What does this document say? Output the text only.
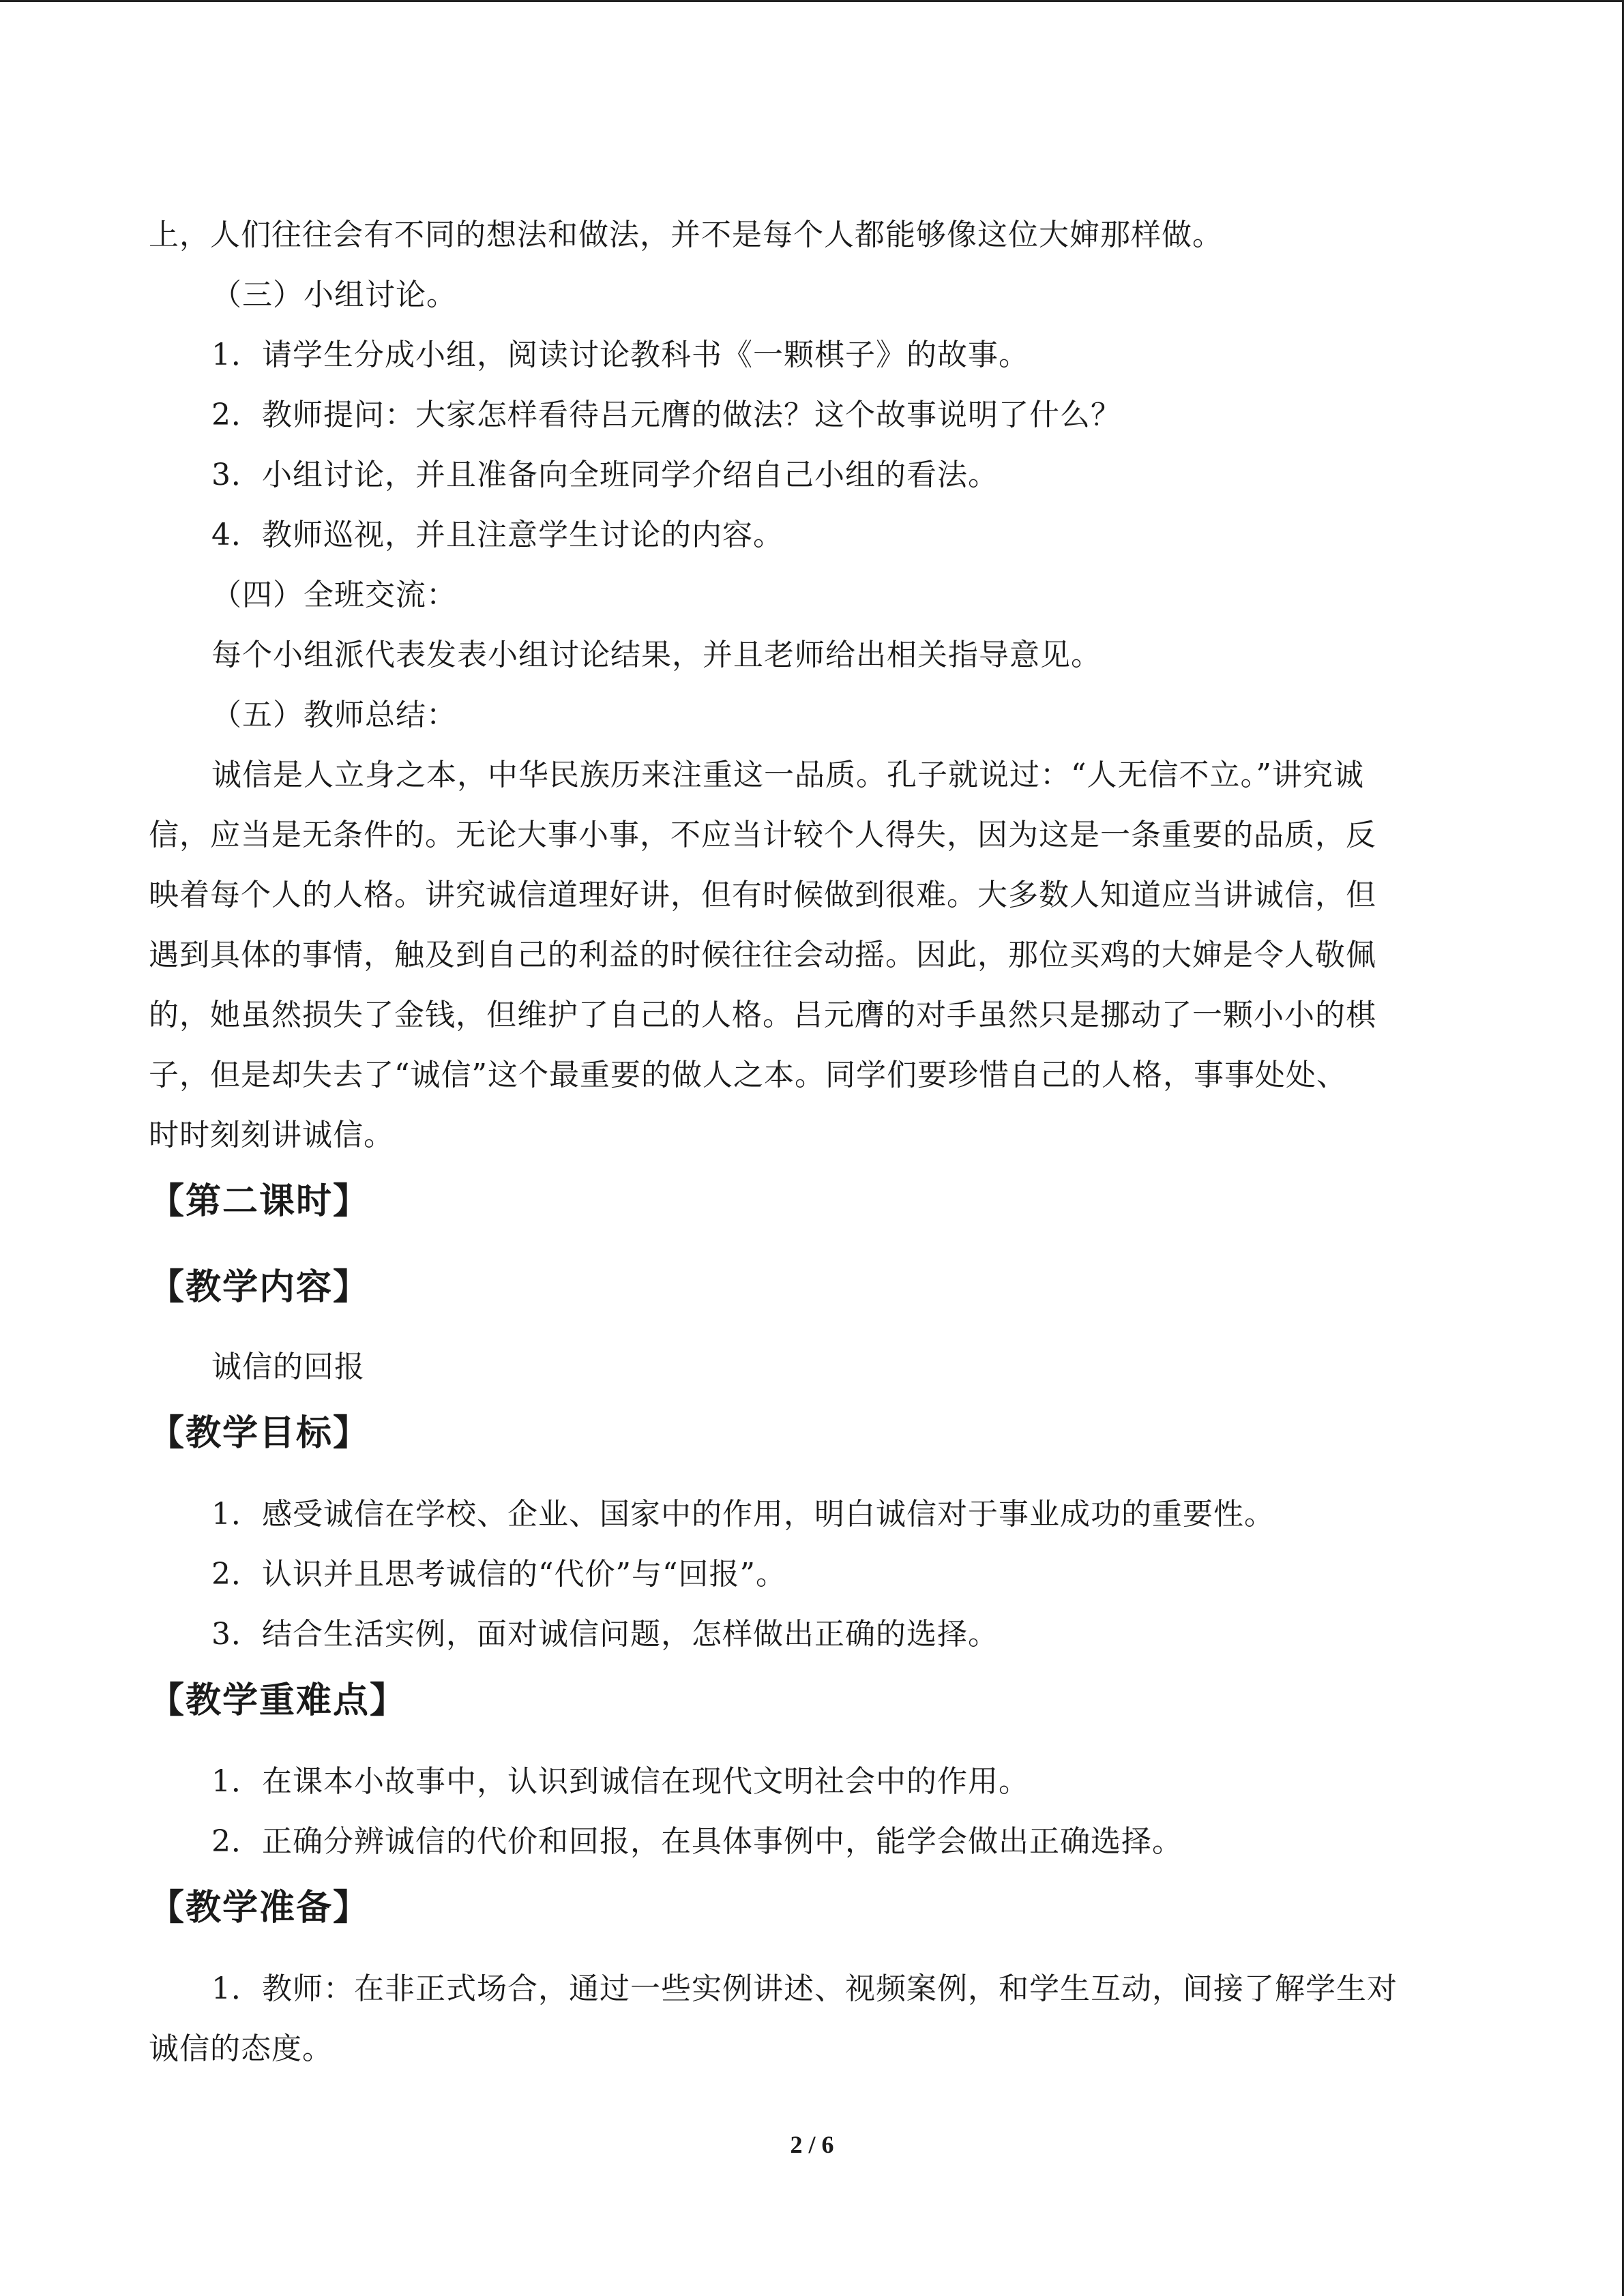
上，人们往往会有不同的想法和做法，并不是每个人都能够像这位大婶那样做。
（三）小组讨论。
1．请学生分成小组，阅读讨论教科书《一颗棋子》的故事。
2．教师提问：大家怎样看待吕元膺的做法？这个故事说明了什么？
3．小组讨论，并且准备向全班同学介绍自己小组的看法。
4．教师巡视，并且注意学生讨论的内容。
（四）全班交流：
每个小组派代表发表小组讨论结果，并且老师给出相关指导意见。
（五）教师总结：
诚信是人立身之本，中华民族历来注重这一品质。孔子就说过：“人无信不立。”讲究诚
信，应当是无条件的。无论大事小事，不应当计较个人得失，因为这是一条重要的品质，反
映着每个人的人格。讲究诚信道理好讲，但有时候做到很难。大多数人知道应当讲诚信，但
遇到具体的事情，触及到自己的利益的时候往往会动摇。因此，那位买鸡的大婶是令人敬佩
的，她虽然损失了金钱，但维护了自己的人格。吕元膺的对手虽然只是挪动了一颗小小的棋
子，但是却失去了“诚信”这个最重要的做人之本。同学们要珍惜自己的人格，事事处处、
时时刻刻讲诚信。
【第二课时】
【教学内容】
诚信的回报
【教学目标】
1．感受诚信在学校、企业、国家中的作用，明白诚信对于事业成功的重要性。
2．认识并且思考诚信的“代价”与“回报”。
3．结合生活实例，面对诚信问题，怎样做出正确的选择。
【教学重难点】
1．在课本小故事中，认识到诚信在现代文明社会中的作用。
2．正确分辨诚信的代价和回报，在具体事例中，能学会做出正确选择。
【教学准备】
1．教师：在非正式场合，通过一些实例讲述、视频案例，和学生互动，间接了解学生对
诚信的态度。
2 / 6
